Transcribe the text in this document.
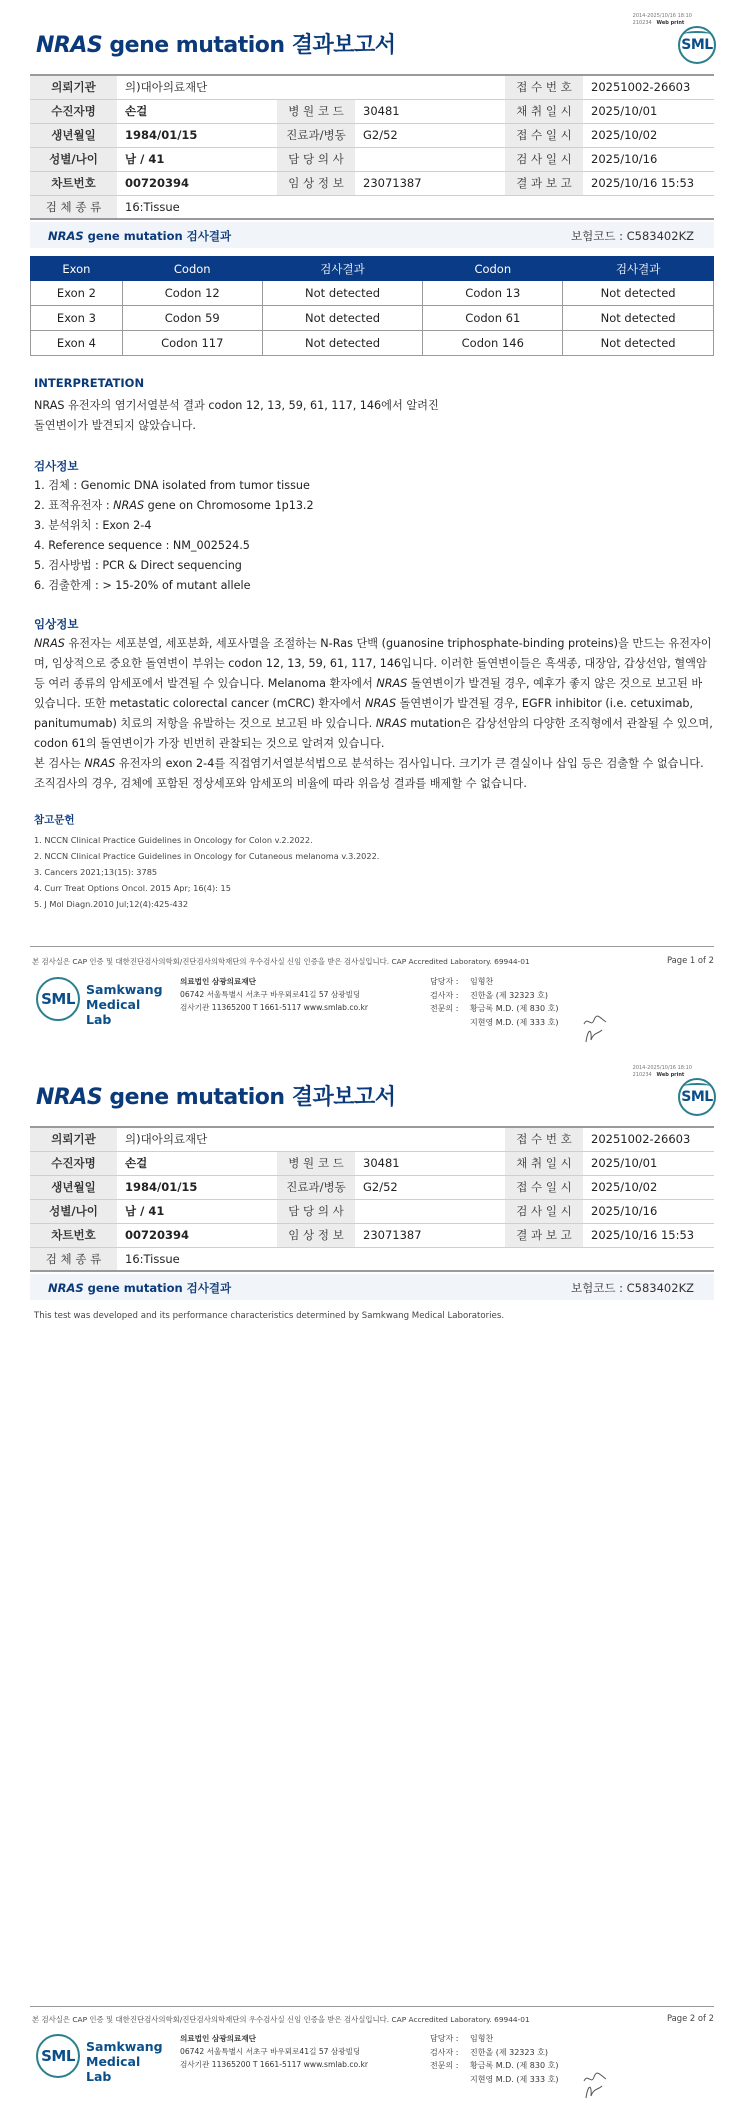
2014-2025/10/16 18:10
210234 Web print
SML
NRAS gene mutation 결과보고서
의뢰기관	의)대아의료재단			접 수 번 호	20251002-26603
수진자명	손걸	병 원 코 드	30481	채 취 일 시	2025/10/01
생년월일	1984/01/15	진료과/병동	G2/52	접 수 일 시	2025/10/02
성별/나이	남 / 41	담 당 의 사		검 사 일 시	2025/10/16
차트번호	00720394	임 상 정 보	23071387	결 과 보 고	2025/10/16 15:53
검 체 종 류	16:Tissue				
NRAS gene mutation 검사결과	보험코드 : C583402KZ
Exon	Codon	검사결과	Codon	검사결과
Exon 2	Codon 12	Not detected	Codon 13	Not detected
Exon 3	Codon 59	Not detected	Codon 61	Not detected
Exon 4	Codon 117	Not detected	Codon 146	Not detected
INTERPRETATION
NRAS 유전자의 염기서열분석 결과 codon 12, 13, 59, 61, 117, 146에서 알려진
돌연변이가 발견되지 않았습니다.
검사정보
1. 검체 : Genomic DNA isolated from tumor tissue
2. 표적유전자 : NRAS gene on Chromosome 1p13.2
3. 분석위치 : Exon 2-4
4. Reference sequence : NM_002524.5
5. 검사방법 : PCR & Direct sequencing
6. 검출한계 : > 15-20% of mutant allele
임상정보
NRAS 유전자는 세포분열, 세포분화, 세포사멸을 조절하는 N-Ras 단백 (guanosine triphosphate-binding proteins)을 만드는 유전자이며, 임상적으로 중요한 돌연변이 부위는 codon 12, 13, 59, 61, 117, 146입니다. 이러한 돌연변이들은 흑색종, 대장암, 갑상선암, 혈액암 등 여러 종류의 암세포에서 발견될 수 있습니다. Melanoma 환자에서 NRAS 돌연변이가 발견될 경우, 예후가 좋지 않은 것으로 보고된 바 있습니다. 또한 metastatic colorectal cancer (mCRC) 환자에서 NRAS 돌연변이가 발견될 경우, EGFR inhibitor (i.e. cetuximab, panitumumab) 치료의 저항을 유발하는 것으로 보고된 바 있습니다. NRAS mutation은 갑상선암의 다양한 조직형에서 관찰될 수 있으며, codon 61의 돌연변이가 가장 빈번히 관찰되는 것으로 알려져 있습니다.
본 검사는 NRAS 유전자의 exon 2-4를 직접염기서열분석법으로 분석하는 검사입니다. 크기가 큰 결실이나 삽입 등은 검출할 수 없습니다. 조직검사의 경우, 검체에 포함된 정상세포와 암세포의 비율에 따라 위음성 결과를 배제할 수 없습니다.
참고문헌
1. NCCN Clinical Practice Guidelines in Oncology for Colon v.2.2022.
2. NCCN Clinical Practice Guidelines in Oncology for Cutaneous melanoma v.3.2022.
3. Cancers 2021;13(15): 3785
4. Curr Treat Options Oncol. 2015 Apr; 16(4): 15
5. J Mol Diagn.2010 Jul;12(4):425-432
본 검사실은 CAP 인증 및 대한진단검사의학회/진단검사의학재단의 우수검사실 신임 인증을 받은 검사실입니다. CAP Accredited Laboratory. 69944-01	Page 1 of 2
SML
Samkwang
Medical Lab
의료법인 삼광의료재단
06742 서울특별시 서초구 바우뫼로41길 57 삼광빌딩
검사기관 11365200 T 1661-5117 www.smlab.co.kr
담당자 : 임형찬
검사자 : 진한올 (제 32323 호)
전문의 : 황금록 M.D. (제 830 호)
지현영 M.D. (제 333 호)
2014-2025/10/16 18:10
210234 Web print
SML
NRAS gene mutation 결과보고서
의뢰기관	의)대아의료재단			접 수 번 호	20251002-26603
수진자명	손걸	병 원 코 드	30481	채 취 일 시	2025/10/01
생년월일	1984/01/15	진료과/병동	G2/52	접 수 일 시	2025/10/02
성별/나이	남 / 41	담 당 의 사		검 사 일 시	2025/10/16
차트번호	00720394	임 상 정 보	23071387	결 과 보 고	2025/10/16 15:53
검 체 종 류	16:Tissue				
NRAS gene mutation 검사결과	보험코드 : C583402KZ
This test was developed and its performance characteristics determined by Samkwang Medical Laboratories.
본 검사실은 CAP 인증 및 대한진단검사의학회/진단검사의학재단의 우수검사실 신임 인증을 받은 검사실입니다. CAP Accredited Laboratory. 69944-01	Page 2 of 2
SML
Samkwang
Medical Lab
의료법인 삼광의료재단
06742 서울특별시 서초구 바우뫼로41길 57 삼광빌딩
검사기관 11365200 T 1661-5117 www.smlab.co.kr
담당자 : 임형찬
검사자 : 진한올 (제 32323 호)
전문의 : 황금록 M.D. (제 830 호)
지현영 M.D. (제 333 호)
